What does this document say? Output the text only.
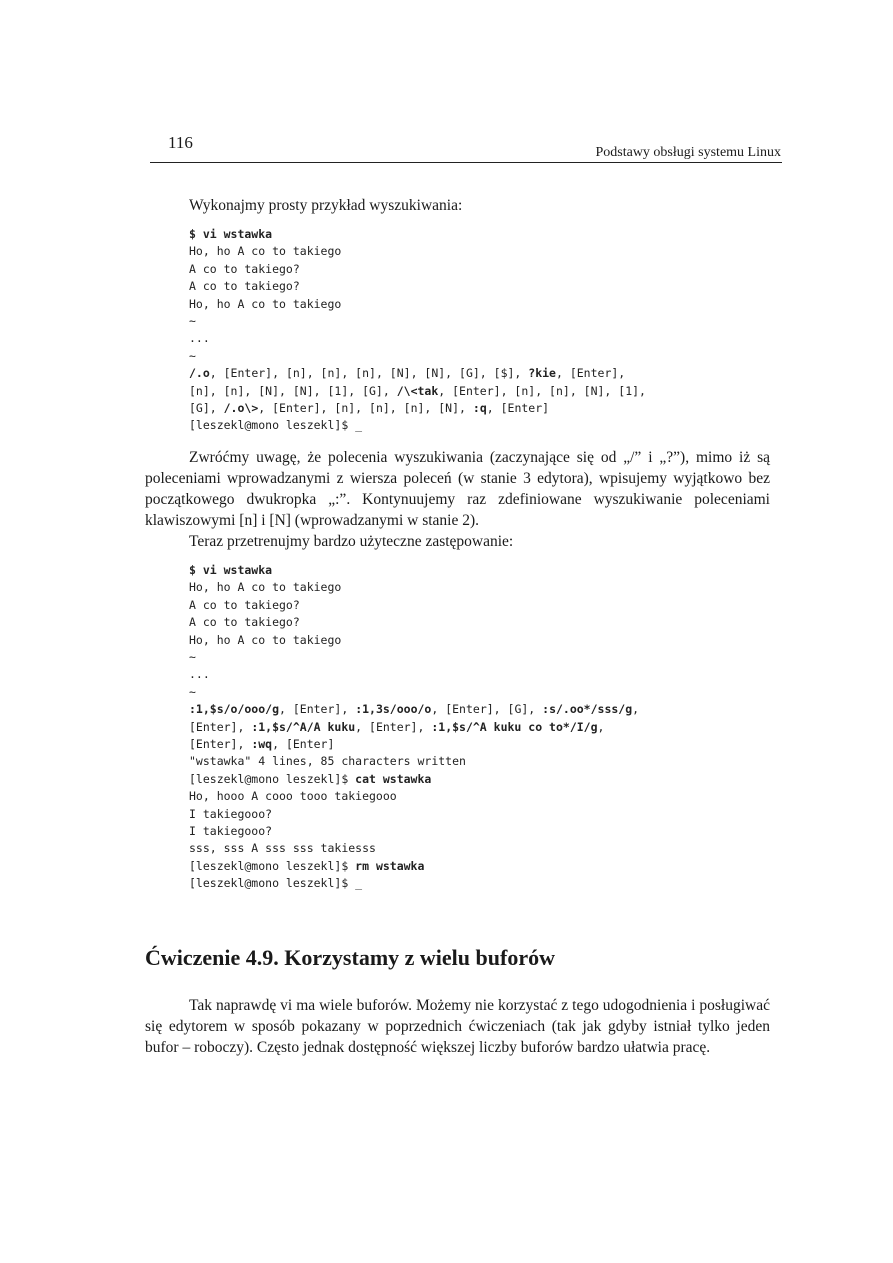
116
Podstawy obsługi systemu Linux

Wykonajmy prosty przykład wyszukiwania:

$ vi wstawka
Ho, ho A co to takiego
A co to takiego?
A co to takiego?
Ho, ho A co to takiego
~
...
~
/.o, [Enter], [n], [n], [n], [N], [N], [G], [$], ?kie, [Enter],
[n], [n], [N], [N], [1], [G], /\<tak, [Enter], [n], [n], [N], [1],
[G], /.o\>, [Enter], [n], [n], [n], [N], :q, [Enter]
[leszekl@mono leszekl]$ _

Zwróćmy uwagę, że polecenia wyszukiwania (zaczynające się od „/” i „?”), mimo iż są poleceniami wprowadzanymi z wiersza poleceń (w stanie 3 edytora), wpisujemy wyjątkowo bez początkowego dwukropka „:”. Kontynuujemy raz zdefiniowane wyszukiwanie poleceniami klawiszowymi [n] i [N] (wprowadzanymi w stanie 2).

Teraz przetrenujmy bardzo użyteczne zastępowanie:

$ vi wstawka
Ho, ho A co to takiego
A co to takiego?
A co to takiego?
Ho, ho A co to takiego
~
...
~
:1,$s/o/ooo/g, [Enter], :1,3s/ooo/o, [Enter], [G], :s/.oo*/sss/g,
[Enter], :1,$s/^A/A kuku, [Enter], :1,$s/^A kuku co to*/I/g,
[Enter], :wq, [Enter]
"wstawka" 4 lines, 85 characters written
[leszekl@mono leszekl]$ cat wstawka
Ho, hooo A cooo tooo takiegooo
I takiegooo?
I takiegooo?
sss, sss A sss sss takiesss
[leszekl@mono leszekl]$ rm wstawka
[leszekl@mono leszekl]$ _
Ćwiczenie 4.9. Korzystamy z wielu buforów

Tak naprawdę vi ma wiele buforów. Możemy nie korzystać z tego udogodnienia i posługiwać się edytorem w sposób pokazany w poprzednich ćwiczeniach (tak jak gdyby istniał tylko jeden bufor – roboczy). Często jednak dostępność większej liczby buforów bardzo ułatwia pracę.
